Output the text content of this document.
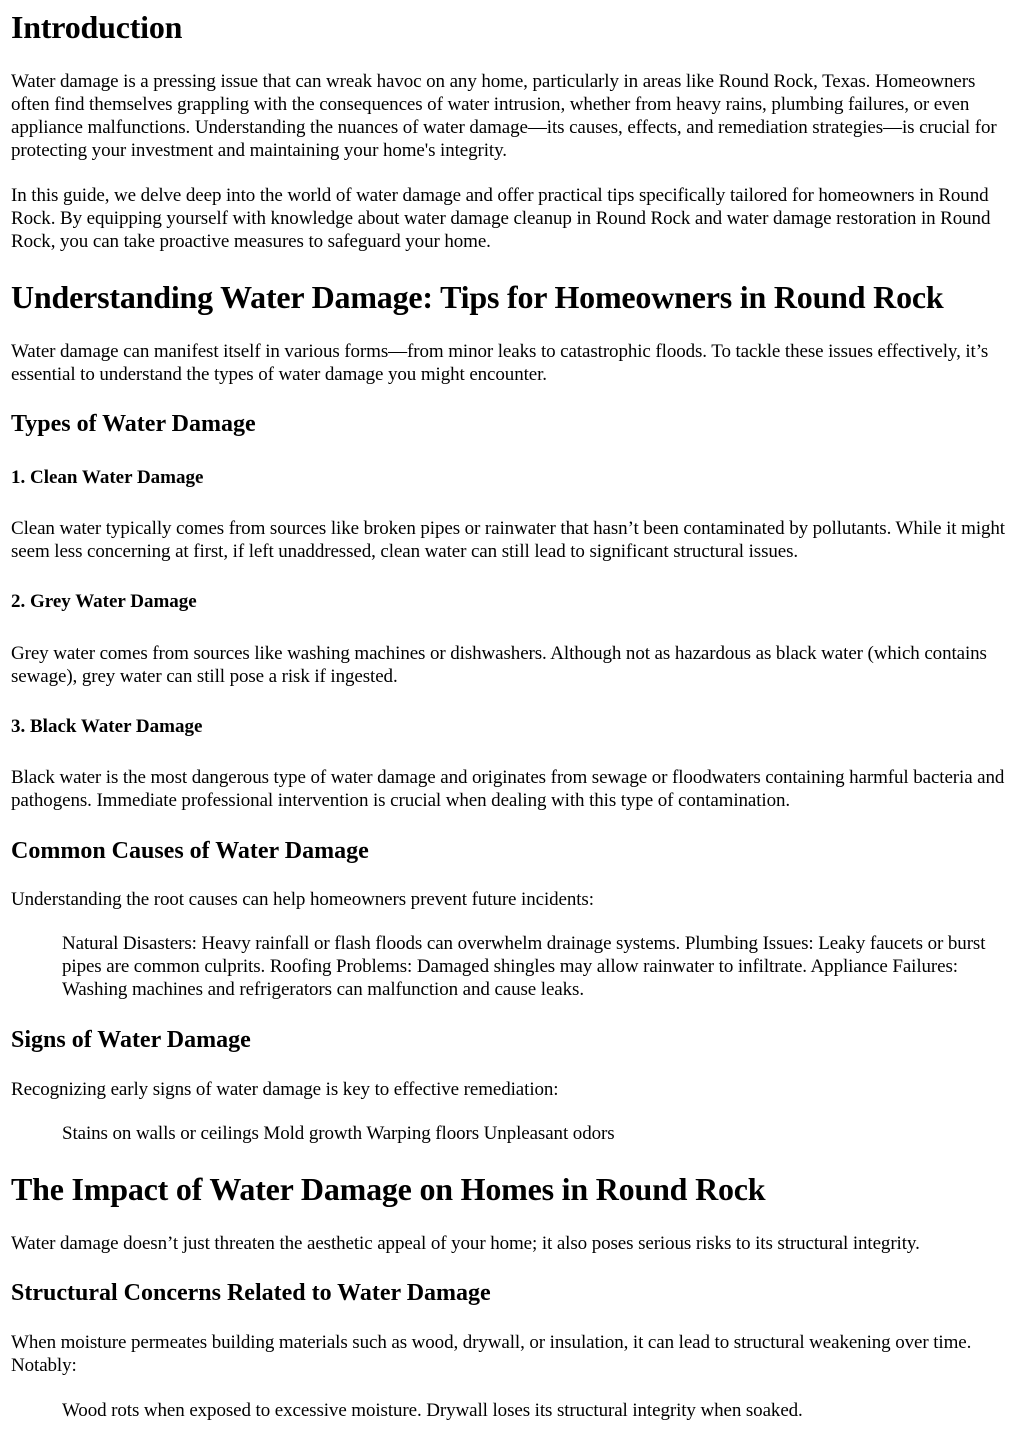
Introduction

Water damage is a pressing issue that can wreak havoc on any home, particularly in areas like Round Rock, Texas. Homeowners often find themselves grappling with the consequences of water intrusion, whether from heavy rains, plumbing failures, or even appliance malfunctions. Understanding the nuances of water damage—its causes, effects, and remediation strategies—is crucial for protecting your investment and maintaining your home's integrity.

In this guide, we delve deep into the world of water damage and offer practical tips specifically tailored for homeowners in Round Rock. By equipping yourself with knowledge about water damage cleanup in Round Rock and water damage restoration in Round Rock, you can take proactive measures to safeguard your home.

Understanding Water Damage: Tips for Homeowners in Round Rock

Water damage can manifest itself in various forms—from minor leaks to catastrophic floods. To tackle these issues effectively, it’s essential to understand the types of water damage you might encounter.

Types of Water Damage
1. Clean Water Damage

Clean water typically comes from sources like broken pipes or rainwater that hasn’t been contaminated by pollutants. While it might seem less concerning at first, if left unaddressed, clean water can still lead to significant structural issues.

2. Grey Water Damage

Grey water comes from sources like washing machines or dishwashers. Although not as hazardous as black water (which contains sewage), grey water can still pose a risk if ingested.

3. Black Water Damage

Black water is the most dangerous type of water damage and originates from sewage or floodwaters containing harmful bacteria and pathogens. Immediate professional intervention is crucial when dealing with this type of contamination.

Common Causes of Water Damage

Understanding the root causes can help homeowners prevent future incidents:

Natural Disasters: Heavy rainfall or flash floods can overwhelm drainage systems. Plumbing Issues: Leaky faucets or burst pipes are common culprits. Roofing Problems: Damaged shingles may allow rainwater to infiltrate. Appliance Failures: Washing machines and refrigerators can malfunction and cause leaks.

Signs of Water Damage

Recognizing early signs of water damage is key to effective remediation:

Stains on walls or ceilings Mold growth Warping floors Unpleasant odors

The Impact of Water Damage on Homes in Round Rock

Water damage doesn’t just threaten the aesthetic appeal of your home; it also poses serious risks to its structural integrity.

Structural Concerns Related to Water Damage

When moisture permeates building materials such as wood, drywall, or insulation, it can lead to structural weakening over time. Notably:

Wood rots when exposed to excessive moisture. Drywall loses its structural integrity when soaked.
